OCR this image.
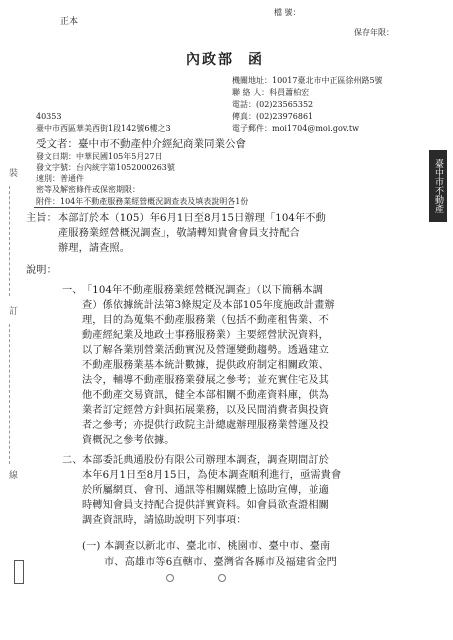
正本
檔 號：
保存年限：
內政部 函
機關地址：10017臺北市中正區徐州路5號
聯 絡 人：科員蕭柏宏
電話：(02)23565352
傳真：(02)23976861
電子郵件：moi1704@moi.gov.tw
40353
臺中市西區華美西街1段142號6樓之3
受文者：臺中市不動產仲介經紀商業同業公會
發文日期：中華民國105年5月27日
發文字號：台內統字第1052000263號
速別：普通件
密等及解密條件或保密期限：
附件：104年不動產服務業經營概況調查表及填表說明各1份
主旨： 本部訂於本（105）年6月1日至8月15日辦理「104年不動
產服務業經營概況調查」，敬請轉知貴會會員支持配合
辦理，請查照。
說明：
一、 「104年不動產服務業經營概況調查」（以下簡稱本調
查）係依據統計法第3條規定及本部105年度施政計畫辦
理，目的為蒐集不動產服務業（包括不動產租售業、不
動產經紀業及地政士事務服務業）主要經營狀況資料，
以了解各業別營業活動實況及營運變動趨勢。透過建立
不動產服務業基本統計數據，提供政府制定相關政策、
法令，輔導不動產服務業發展之參考；並充實住宅及其
他不動產交易資訊，健全本部相關不動產資料庫，供為
業者訂定經營方針與拓展業務，以及民間消費者與投資
者之參考；亦提供行政院主計總處辦理服務業營運及投
資概況之參考依據。
二、 本部委託典通股份有限公司辦理本調查，調查期間訂於
本年6月1日至8月15日，為使本調查順利進行，亟需貴會
於所屬網頁、會刊、通訊等相關媒體上協助宣傳，並適
時轉知會員支持配合提供詳實資料。如會員欲查證相關
調查資訊時，請協助說明下列事項：
(一) 本調查以新北市、臺北市、桃園市、臺中市、臺南
市、高雄市等6直轄市、臺灣省各縣市及福建省金門
裝
訂
線
臺中市不動產
